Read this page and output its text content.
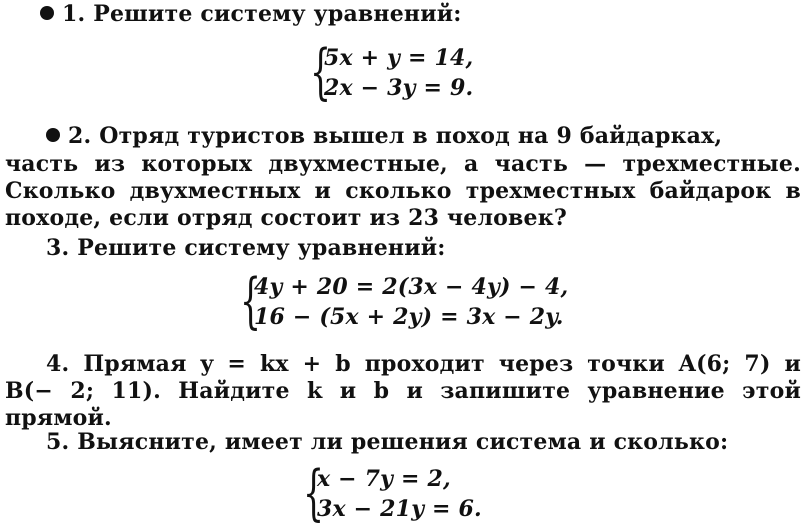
1. Решите систему уравнений:
{
5x + y = 14,
2x − 3y = 9.
2. Отряд туристов вышел в поход на 9 байдарках,
часть из которых двухместные, а часть — трехместные.
Сколько двухместных и сколько трехместных байдарок в
походе, если отряд состоит из 23 человек?
3. Решите систему уравнений:
{
4y + 20 = 2(3x − 4y) − 4,
16 − (5x + 2y) = 3x − 2y.
4. Прямая y = kx + b проходит через точки A(6; 7) и
B(− 2; 11). Найдите k и b и запишите уравнение этой
прямой.
5. Выясните, имеет ли решения система и сколько:
{
x − 7y = 2,
3x − 21y = 6.
